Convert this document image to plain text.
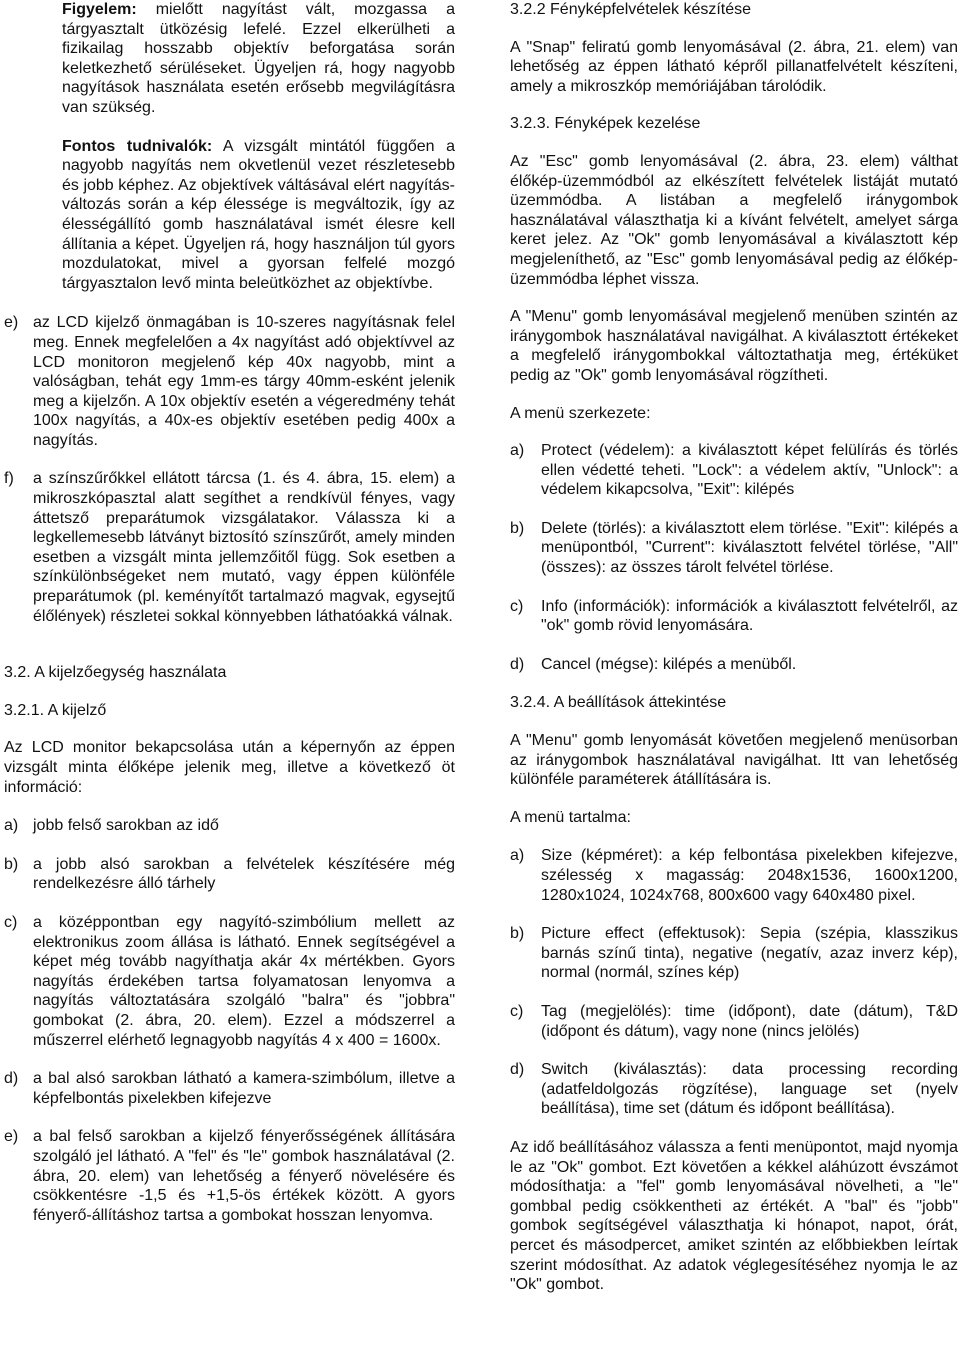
Figyelem: mielőtt nagyítást vált, mozgassa a tárgyasztalt ütközésig lefelé. Ezzel elkerülheti a fizikailag hosszabb objektív beforgatása során keletkezhető sérüléseket. Ügyeljen rá, hogy nagyobb nagyítások használata esetén erősebb megvilágításra van szükség.

Fontos tudnivalók: A vizsgált mintától függően a nagyobb nagyítás nem okvetlenül vezet részletesebb és jobb képhez. Az objektívek váltásával elért nagyítás-változás során a kép élessége is megváltozik, így az élességállító gomb használatával ismét élesre kell állítania a képet. Ügyeljen rá, hogy használjon túl gyors mozdulatokat, mivel a gyorsan felfelé mozgó tárgyasztalon levő minta beleütközhet az objektívbe.

e) az LCD kijelző önmagában is 10-szeres nagyításnak felel meg. Ennek megfelelően a 4x nagyítást adó objektívvel az LCD monitoron megjelenő kép 40x nagyobb, mint a valóságban, tehát egy 1mm-es tárgy 40mm-esként jelenik meg a kijelzőn. A 10x objektív esetén a végeredmény tehát 100x nagyítás, a 40x-es objektív esetében pedig 400x a nagyítás.

f) a színszűrőkkel ellátott tárcsa (1. és 4. ábra, 15. elem) a mikroszkópasztal alatt segíthet a rendkívül fényes, vagy áttetsző preparátumok vizsgálatakor. Válassza ki a legkellemesebb látványt biztosító színszűrőt, amely minden esetben a vizsgált minta jellemzőitől függ. Sok esetben a színkülönbségeket nem mutató, vagy éppen különféle preparátumok (pl. keményítőt tartalmazó magvak, egysejtű élőlények) részletei sokkal könnyebben láthatóakká válnak.

3.2. A kijelzőegység használata
3.2.1. A kijelző

Az LCD monitor bekapcsolása után a képernyőn az éppen vizsgált minta élőképe jelenik meg, illetve a következő öt információ:

a) jobb felső sarokban az idő

b) a jobb alsó sarokban a felvételek készítésére még rendelkezésre álló tárhely

c) a középpontban egy nagyító-szimbólium mellett az elektronikus zoom állása is látható. Ennek segítségével a képet még tovább nagyíthatja akár 4x mértékben. Gyors nagyítás érdekében tartsa folyamatosan lenyomva a nagyítás változtatására szolgáló "balra" és "jobbra" gombokat (2. ábra, 20. elem). Ezzel a módszerrel a műszerrel elérhető legnagyobb nagyítás 4 x 400 = 1600x.

d) a bal alsó sarokban látható a kamera-szimbólum, illetve a képfelbontás pixelekben kifejezve

e) a bal felső sarokban a kijelző fényerősségének állítására szolgáló jel látható. A "fel" és "le" gombok használatával (2. ábra, 20. elem) van lehetőség a fényerő növelésére és csökkentésre -1,5 és +1,5-ös értékek között. A gyors fényerő-állításhoz tartsa a gombokat hosszan lenyomva.

3.2.2 Fényképfelvételek készítése

A "Snap" feliratú gomb lenyomásával (2. ábra, 21. elem) van lehetőség az éppen látható képről pillanatfelvételt készíteni, amely a mikroszkóp memóriájában tárolódik.

3.2.3. Fényképek kezelése

Az "Esc" gomb lenyomásával (2. ábra, 23. elem) válthat élőkép-üzemmódból az elkészített felvételek listáját mutató üzemmódba. A listában a megfelelő iránygombok használatával választhatja ki a kívánt felvételt, amelyet sárga keret jelez. Az "Ok" gomb lenyomásával a kiválasztott kép megjeleníthető, az "Esc" gomb lenyomásával pedig az élőkép-üzemmódba léphet vissza.

A "Menu" gomb lenyomásával megjelenő menüben szintén az iránygombok használatával navigálhat. A kiválasztott értékeket a megfelelő iránygombokkal változtathatja meg, értéküket pedig az "Ok" gomb lenyomásával rögzítheti.

A menü szerkezete:

a) Protect (védelem): a kiválasztott képet felülírás és törlés ellen védetté teheti. "Lock": a védelem aktív, "Unlock": a védelem kikapcsolva, "Exit": kilépés

b) Delete (törlés): a kiválasztott elem törlése. "Exit": kilépés a menüpontból, "Current": kiválasztott felvétel törlése, "All" (összes): az összes tárolt felvétel törlése.

c) Info (információk): információk a kiválasztott felvételről, az "ok" gomb rövid lenyomására.

d) Cancel (mégse): kilépés a menüből.

3.2.4. A beállítások áttekintése

A "Menu" gomb lenyomását követően megjelenő menüsorban az iránygombok használatával navigálhat. Itt van lehetőség különféle paraméterek átállítására is.

A menü tartalma:

a) Size (képméret): a kép felbontása pixelekben kifejezve, szélesség x magasság: 2048x1536, 1600x1200, 1280x1024, 1024x768, 800x600 vagy 640x480 pixel.

b) Picture effect (effektusok): Sepia (szépia, klasszikus barnás színű tinta), negative (negatív, azaz inverz kép), normal (normál, színes kép)

c) Tag (megjelölés): time (időpont), date (dátum), T&D (időpont és dátum), vagy none (nincs jelölés)

d) Switch (kiválasztás): data processing recording (adatfeldolgozás rögzítése), language set (nyelv beállítása), time set (dátum és időpont beállítása).

Az idő beállításához válassza a fenti menüpontot, majd nyomja le az "Ok" gombot. Ezt követően a kékkel aláhúzott évszámot módosíthatja: a "fel" gomb lenyomásával növelheti, a "le" gombbal pedig csökkentheti az értékét. A "bal" és "jobb" gombok segítségével választhatja ki hónapot, napot, órát, percet és másodpercet, amiket szintén az előbbiekben leírtak szerint módosíthat. Az adatok véglegesítéséhez nyomja le az "Ok" gombot.
